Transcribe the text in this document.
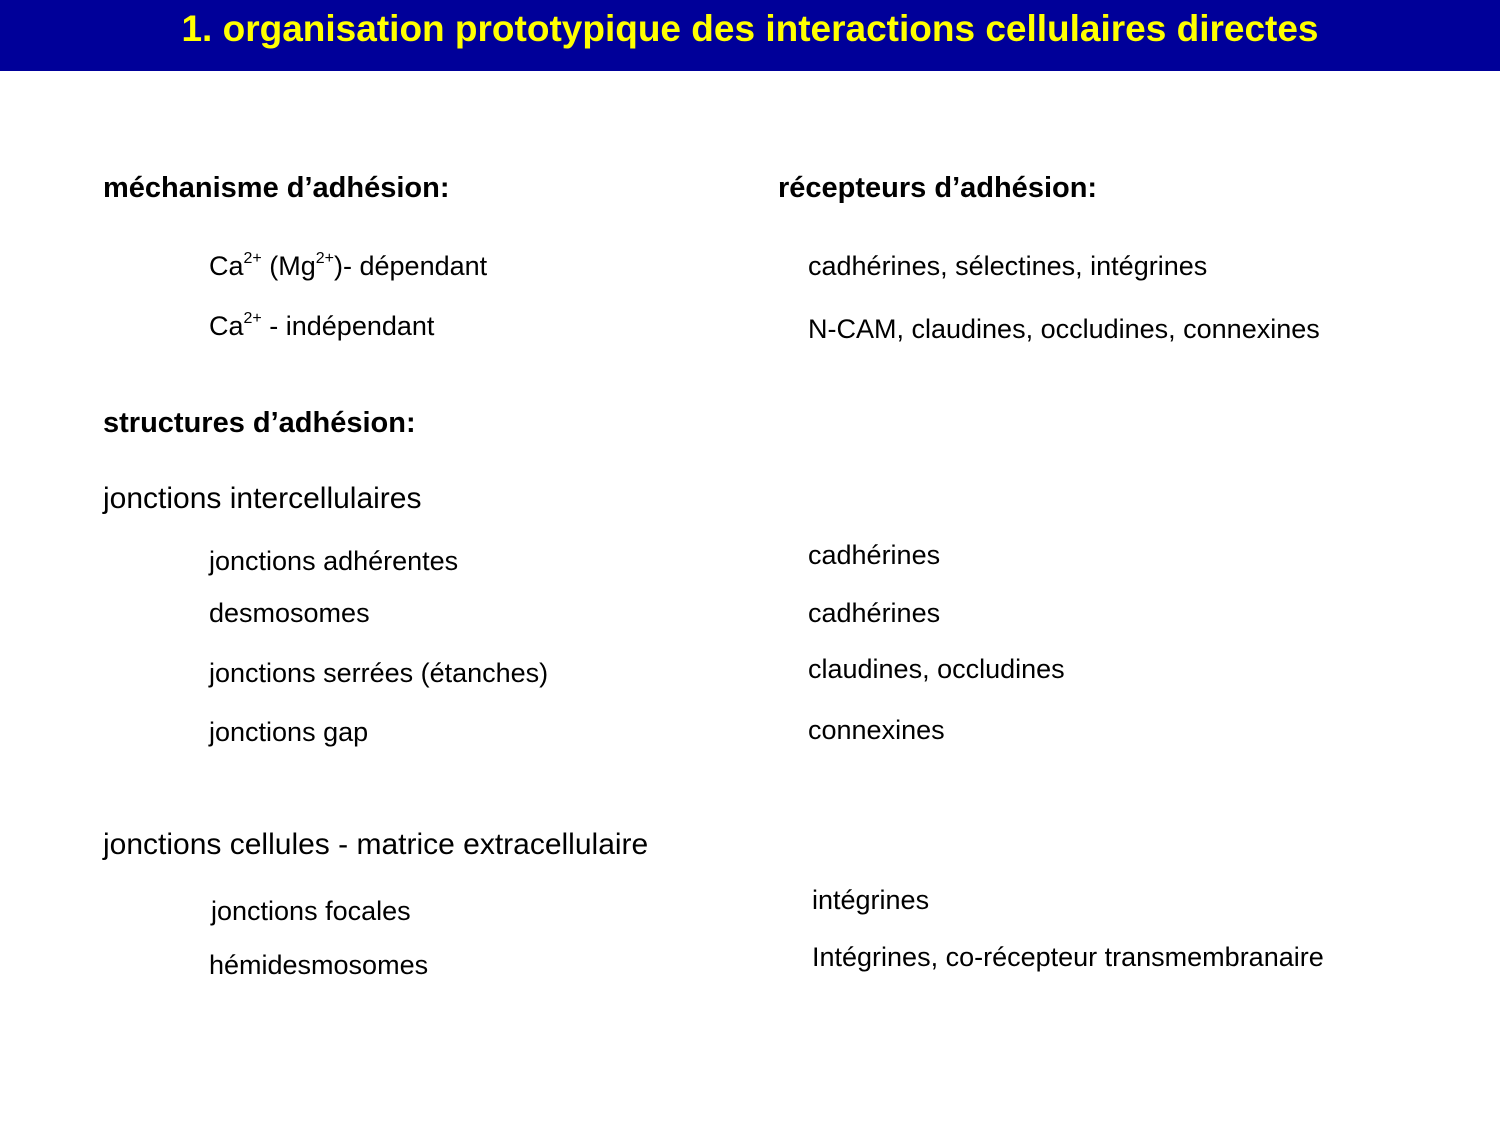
1. organisation prototypique des interactions cellulaires directes
méchanisme d’adhésion:
$Ca^{2+}$ $(Mg^{2+})-$ dépendant
$Ca^{2+}$ - indépendant
récepteurs d’adhésion:
cadhérines, sélectines, intégrines
N-CAM, claudines, occludines, connexines
structures d’adhésion:
jonctions intercellulaires
jonctions adhérentes	cadhérines
desmosomes	cadhérines
jonctions serrées (étanches)	claudines, occludines
jonctions gap	connexines
jonctions cellules - matrice extracellulaire
jonctions focales	intégrines
hémidesmosomes	Intégrines, co-récepteur transmembranaire
